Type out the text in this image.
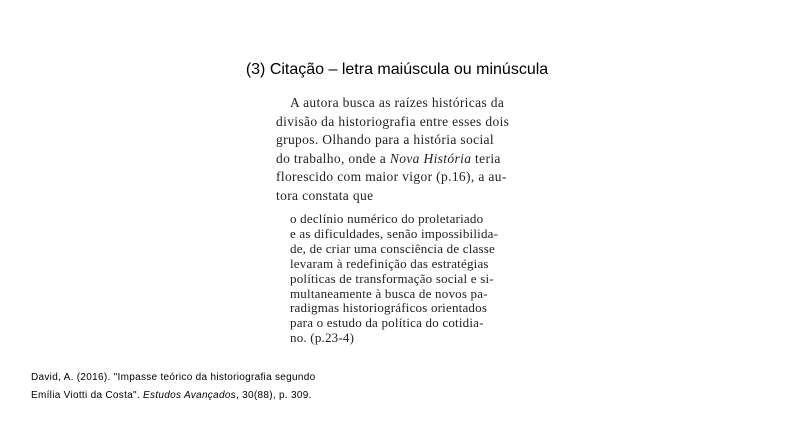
(3) Citação – letra maiúscula ou minúscula
A autora busca as raízes históricas da
divisão da historiografia entre esses dois
grupos. Olhando para a história social
do trabalho, onde a Nova História teria
florescido com maior vigor (p.16), a au-
tora constata que
o declínio numérico do proletariado
e as dificuldades, senão impossibilida-
de, de criar uma consciência de classe
levaram à redefinição das estratégias
políticas de transformação social e si-
multaneamente à busca de novos pa-
radigmas historiográficos orientados
para o estudo da política do cotidia-
no. (p.23-4)
David, A. (2016). "Impasse teórico da historiografia segundo
Emília Viotti da Costa". Estudos Avançados, 30(88), p. 309.
